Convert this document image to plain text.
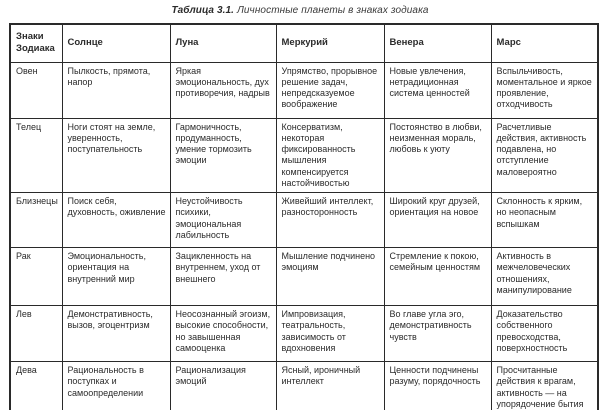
Таблица 3.1. Личностные планеты в знаках зодиака
Знаки Зодиака	Солнце	Луна	Меркурий	Венера	Марс
Овен	Пылкость, прямота, напор	Яркая эмоциональность, дух противоречия, надрыв	Упрямство, прорывное решение задач, непредсказуемое воображение	Новые увлечения, нетрадиционная система ценностей	Вспыльчивость, моментальное и яркое проявление, отходчивость
Телец	Ноги стоят на земле, уверенность, поступательность	Гармоничность, продуманность, умение тормозить эмоции	Консерватизм, некоторая фиксированность мышления компенсируется настойчивостью	Постоянство в любви, неизменная мораль, любовь к уюту	Расчетливые действия, активность подавлена, но отступление маловероятно
Близнецы	Поиск себя, духовность, оживление	Неустойчивость психики, эмоциональная лабильность	Живейший интеллект, разносторонность	Широкий круг друзей, ориентация на новое	Склонность к ярким, но неопасным вспышкам
Рак	Эмоциональность, ориентация на внутренний мир	Зацикленность на внутреннем, уход от внешнего	Мышление подчинено эмоциям	Стремление к покою, семейным ценностям	Активность в межчеловеческих отношениях, манипулирование
Лев	Демонстративность, вызов, эгоцентризм	Неосознанный эгоизм, высокие способности, но завышенная самооценка	Импровизация, театральность, зависимость от вдохновения	Во главе угла эго, демонстративность чувств	Доказательство собственного превосходства, поверхностность
Дева	Рациональность в поступках и самоопределении	Рационализация эмоций	Ясный, ироничный интеллект	Ценности подчинены разуму, порядочность	Просчитанные действия к врагам, активность — на упорядочение бытия
